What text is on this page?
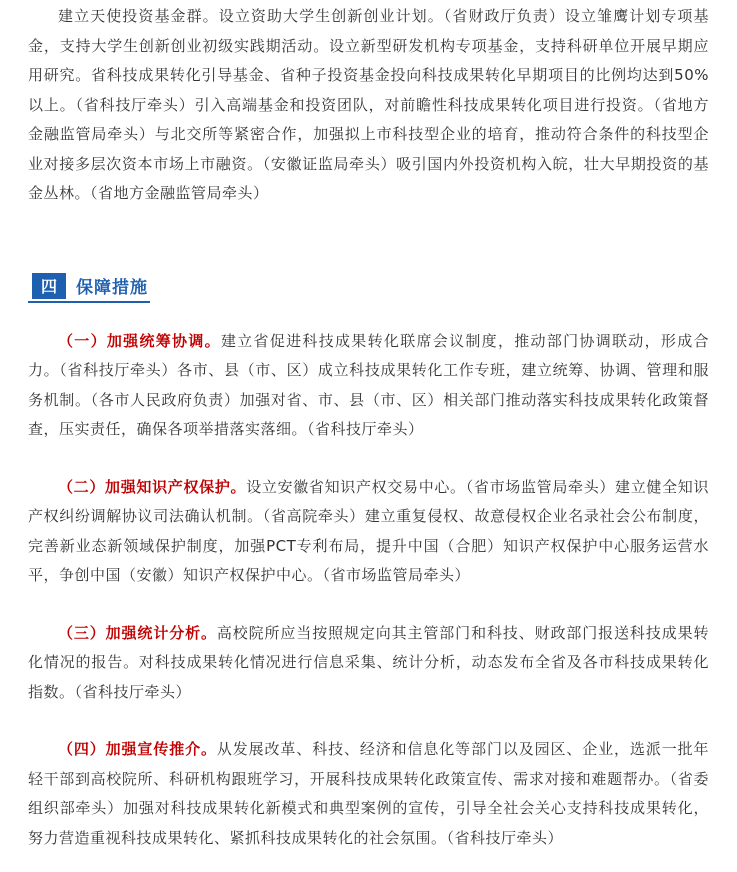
建立天使投资基金群。设立资助大学生创新创业计划。（省财政厅负责）设立雏鹰计划专项基金，支持大学生创新创业初级实践期活动。设立新型研发机构专项基金，支持科研单位开展早期应用研究。省科技成果转化引导基金、省种子投资基金投向科技成果转化早期项目的比例均达到50%以上。（省科技厅牵头）引入高端基金和投资团队，对前瞻性科技成果转化项目进行投资。（省地方金融监管局牵头）与北交所等紧密合作，加强拟上市科技型企业的培育，推动符合条件的科技型企业对接多层次资本市场上市融资。（安徽证监局牵头）吸引国内外投资机构入皖，壮大早期投资的基金丛林。（省地方金融监管局牵头）

四	保障措施

（一）加强统筹协调。建立省促进科技成果转化联席会议制度，推动部门协调联动，形成合力。（省科技厅牵头）各市、县（市、区）成立科技成果转化工作专班，建立统筹、协调、管理和服务机制。（各市人民政府负责）加强对省、市、县（市、区）相关部门推动落实科技成果转化政策督查，压实责任，确保各项举措落实落细。（省科技厅牵头）

（二）加强知识产权保护。设立安徽省知识产权交易中心。（省市场监管局牵头）建立健全知识产权纠纷调解协议司法确认机制。（省高院牵头）建立重复侵权、故意侵权企业名录社会公布制度，完善新业态新领域保护制度，加强PCT专利布局，提升中国（合肥）知识产权保护中心服务运营水平，争创中国（安徽）知识产权保护中心。（省市场监管局牵头）

（三）加强统计分析。高校院所应当按照规定向其主管部门和科技、财政部门报送科技成果转化情况的报告。对科技成果转化情况进行信息采集、统计分析，动态发布全省及各市科技成果转化指数。（省科技厅牵头）

（四）加强宣传推介。从发展改革、科技、经济和信息化等部门以及园区、企业，选派一批年轻干部到高校院所、科研机构跟班学习，开展科技成果转化政策宣传、需求对接和难题帮办。（省委组织部牵头）加强对科技成果转化新模式和典型案例的宣传，引导全社会关心支持科技成果转化，努力营造重视科技成果转化、紧抓科技成果转化的社会氛围。（省科技厅牵头）
